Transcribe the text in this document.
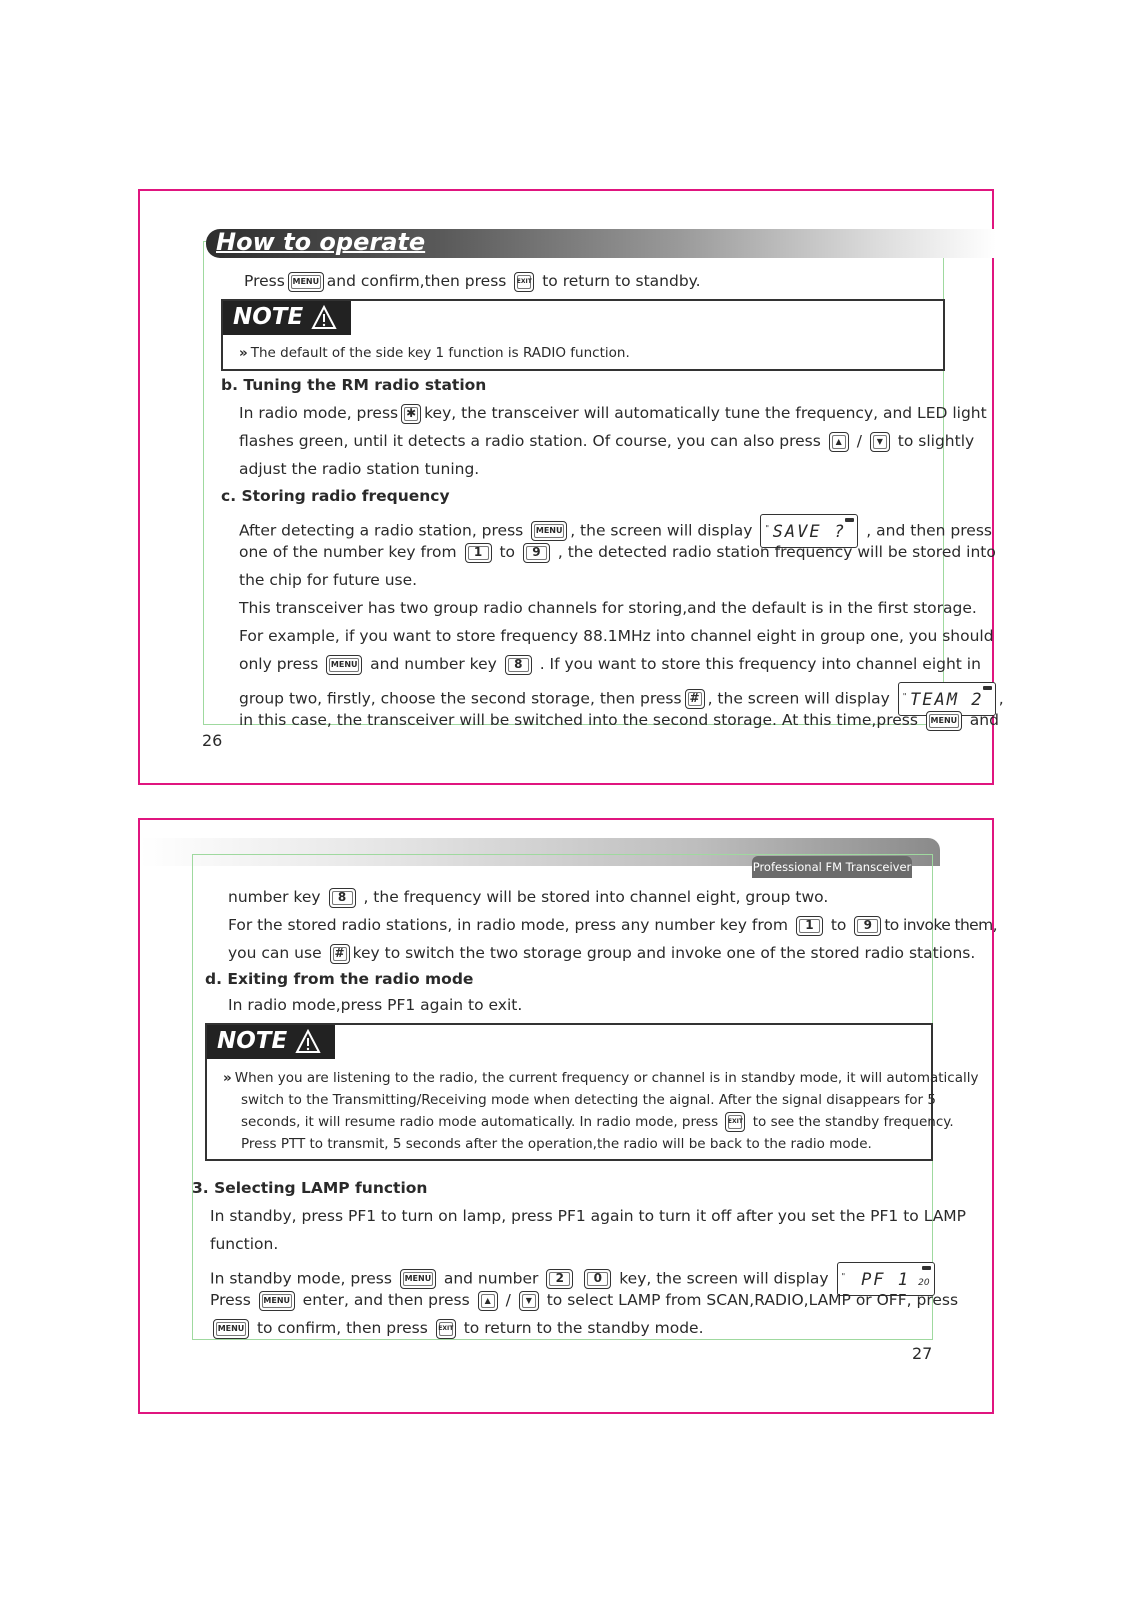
How to operate
Press MENU and confirm,then press EXIT to return to standby.
NOTE
» The default of the side key 1 function is RADIO function.
b. Tuning the RM radio station
In radio mode, press ✱ key, the transceiver will automatically tune the frequency, and LED light
flashes green, until it detects a radio station. Of course, you can also press	▲ /	▼ to slightly
adjust the radio station tuning.
c. Storing radio frequency
After detecting a radio station, press	MENU , the screen will display " SAVE ?	, and then press
one of the number key from	1	to	9	, the detected radio station frequency will be stored into
the chip for future use.
This transceiver has two group radio channels for storing,and the default is in the first storage.
For example, if you want to store frequency 88.1MHz into channel eight in group one, you should
only press	MENU and number key	8	. If you want to store this frequency into channel eight in
group two, firstly, choose the second storage, then press # , the screen will display " TEAM 2 ,
in this case, the transceiver will be switched into the second storage. At this time,press	MENU and
26
Professional FM Transceiver
number key	8	, the frequency will be stored into channel eight, group two.
For the stored radio stations, in radio mode, press any number key from	1	to	9 to invoke them,
you can use	# key to switch the two storage group and invoke one of the stored radio stations.
d. Exiting from the radio mode
In radio mode,press PF1 again to exit.
NOTE
» When you are listening to the radio, the current frequency or channel is in standby mode, it will automatically
switch to the Transmitting/Receiving mode when detecting the aignal. After the signal disappears for 5
seconds, it will resume radio mode automatically. In radio mode, press EXIT to see the standby frequency.
Press PTT to transmit, 5 seconds after the operation,the radio will be back to the radio mode.
3. Selecting LAMP function
In standby, press PF1 to turn on lamp, press PF1 again to turn it off after you set the PF1 to LAMP
function.
In standby mode, press	MENU and number	2
	0	key, the screen will display "
20
PF 1
Press	MENU enter, and then press	▲ /	▼ to select LAMP from SCAN,RADIO,LAMP or OFF, press
MENU to confirm, then press EXIT to return to the standby mode.
27
